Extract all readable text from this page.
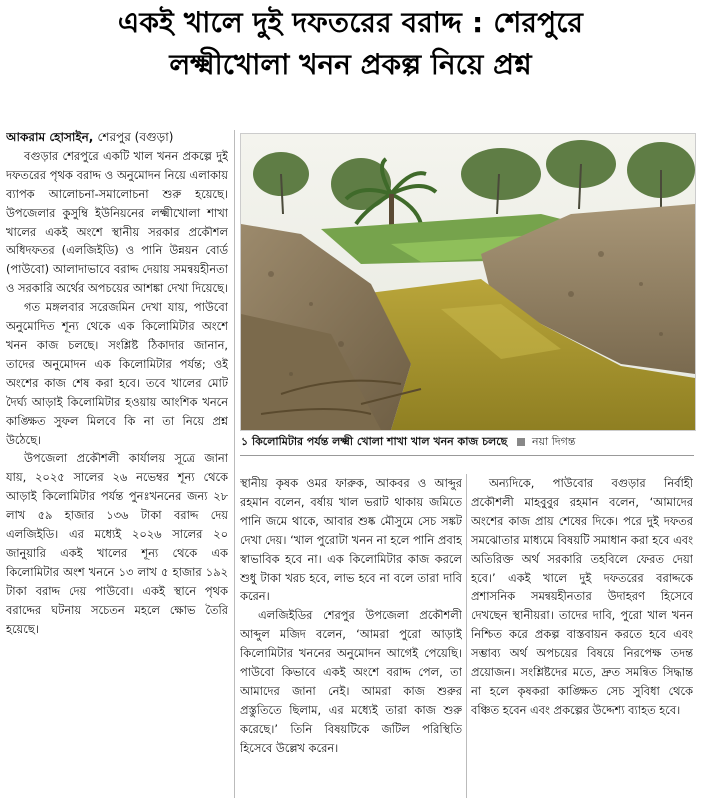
একই খালে দুই দফতরের বরাদ্দ : শেরপুরে
লক্ষ্মীখোলা খনন প্রকল্প নিয়ে প্রশ্ন

আকরাম হোসাইন, শেরপুর (বগুড়া)

বগুড়ার শেরপুরে একটি খাল খনন প্রকল্পে দুই দফতরের পৃথক বরাদ্দ ও অনুমোদন নিয়ে এলাকায় ব্যাপক আলোচনা-সমালোচনা শুরু হয়েছে। উপজেলার কুসুম্বি ইউনিয়নের লক্ষ্মীখোলা শাখা খালের একই অংশে স্থানীয় সরকার প্রকৌশল অধিদফতর (এলজিইডি) ও পানি উন্নয়ন বোর্ড (পাউবো) আলাদাভাবে বরাদ্দ দেয়ায় সমন্বয়হীনতা ও সরকারি অর্থের অপচয়ের আশঙ্কা দেখা দিয়েছে।

গত মঙ্গলবার সরেজমিন দেখা যায়, পাউবো অনুমোদিত শূন্য থেকে এক কিলোমিটার অংশে খনন কাজ চলছে। সংশ্লিষ্ট ঠিকাদার জানান, তাদের অনুমোদন এক কিলোমিটার পর্যন্ত; ওই অংশের কাজ শেষ করা হবে। তবে খালের মোট দৈর্ঘ্য আড়াই কিলোমিটার হওয়ায় আংশিক খননে কাঙ্ক্ষিত সুফল মিলবে কি না তা নিয়ে প্রশ্ন উঠেছে।

উপজেলা প্রকৌশলী কার্যালয় সূত্রে জানা যায়, ২০২৫ সালের ২৬ নভেম্বর শূন্য থেকে আড়াই কিলোমিটার পর্যন্ত পুনঃখননের জন্য ২৮ লাখ ৫৯ হাজার ১৩৬ টাকা বরাদ্দ দেয় এলজিইডি। এর মধ্যেই ২০২৬ সালের ২০ জানুয়ারি একই খালের শূন্য থেকে এক কিলোমিটার অংশ খননে ১৩ লাখ ৫ হাজার ১৯২ টাকা বরাদ্দ দেয় পাউবো। একই স্থানে পৃথক বরাদ্দের ঘটনায় সচেতন মহলে ক্ষোভ তৈরি হয়েছে।

১ কিলোমিটার পর্যন্ত লক্ষ্মী খোলা শাখা খাল খনন কাজ চলছে নয়া দিগন্ত

স্থানীয় কৃষক ওমর ফারুক, আকবর ও আব্দুর রহমান বলেন, বর্ষায় খাল ভরাট থাকায় জমিতে পানি জমে থাকে, আবার শুষ্ক মৌসুমে সেচ সঙ্কট দেখা দেয়। ‘খাল পুরোটা খনন না হলে পানি প্রবাহ স্বাভাবিক হবে না। এক কিলোমিটার কাজ করলে শুধু টাকা খরচ হবে, লাভ হবে না বলে তারা দাবি করেন।

এলজিইডির শেরপুর উপজেলা প্রকৌশলী আব্দুল মজিদ বলেন, ‘আমরা পুরো আড়াই কিলোমিটার খননের অনুমোদন আগেই পেয়েছি। পাউবো কিভাবে একই অংশে বরাদ্দ পেল, তা আমাদের জানা নেই। আমরা কাজ শুরুর প্রস্তুতিতে ছিলাম, এর মধ্যেই তারা কাজ শুরু করেছে।’ তিনি বিষয়টিকে জটিল পরিস্থিতি হিসেবে উল্লেখ করেন।

অন্যদিকে, পাউবোর বগুড়ার নির্বাহী প্রকৌশলী মাহবুবুর রহমান বলেন, ‘আমাদের অংশের কাজ প্রায় শেষের দিকে। পরে দুই দফতর সমঝোতার মাধ্যমে বিষয়টি সমাধান করা হবে এবং অতিরিক্ত অর্থ সরকারি তহবিলে ফেরত দেয়া হবে।’ একই খালে দুই দফতরের বরাদ্দকে প্রশাসনিক সমন্বয়হীনতার উদাহরণ হিসেবে দেখছেন স্থানীয়রা। তাদের দাবি, পুরো খাল খনন নিশ্চিত করে প্রকল্প বাস্তবায়ন করতে হবে এবং সম্ভাব্য অর্থ অপচয়ের বিষয়ে নিরপেক্ষ তদন্ত প্রয়োজন। সংশ্লিষ্টদের মতে, দ্রুত সমন্বিত সিদ্ধান্ত না হলে কৃষকরা কাঙ্ক্ষিত সেচ সুবিধা থেকে বঞ্চিত হবেন এবং প্রকল্পের উদ্দেশ্য ব্যাহত হবে।
